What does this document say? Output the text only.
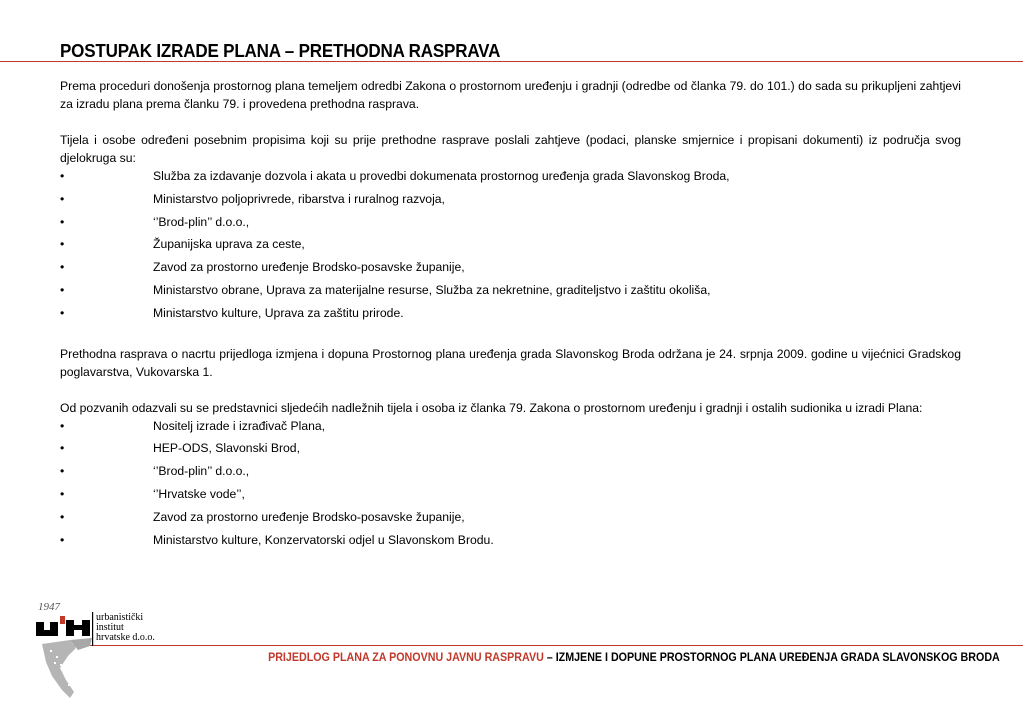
POSTUPAK IZRADE PLANA – PRETHODNA RASPRAVA

Prema proceduri donošenja prostornog plana temeljem odredbi Zakona o prostornom uređenju i gradnji (odredbe od članka 79. do 101.) do sada su prikupljeni zahtjevi za izradu plana prema članku 79. i provedena prethodna rasprava.

Tijela i osobe određeni posebnim propisima koji su prije prethodne rasprave poslali zahtjeve (podaci, planske smjernice i propisani dokumenti) iz područja svog djelokruga su:

•	Služba za izdavanje dozvola i akata u provedbi dokumenata prostornog uređenja grada Slavonskog Broda,
•	Ministarstvo poljoprivrede, ribarstva i ruralnog razvoja,
•	‘’Brod-plin’’ d.o.o.,
•	Županijska uprava za ceste,
•	Zavod za prostorno uređenje Brodsko-posavske županije,
•	Ministarstvo obrane, Uprava za materijalne resurse, Služba za nekretnine, graditeljstvo i zaštitu okoliša,
•	Ministarstvo kulture, Uprava za zaštitu prirode.

Prethodna rasprava o nacrtu prijedloga izmjena i dopuna Prostornog plana uređenja grada Slavonskog Broda održana je 24. srpnja 2009. godine u vijećnici Gradskog poglavarstva, Vukovarska 1.

Od pozvanih odazvali su se predstavnici sljedećih nadležnih tijela i osoba iz članka 79. Zakona o prostornom uređenju i gradnji i ostalih sudionika u izradi Plana:

•	Nositelj izrade i izrađivač Plana,
•	HEP-ODS, Slavonski Brod,
•	‘’Brod-plin’’ d.o.o.,
•	‘’Hrvatske vode’’,
•	Zavod za prostorno uređenje Brodsko-posavske županije,
•	Ministarstvo kulture, Konzervatorski odjel u Slavonskom Brodu.
1947
urbanistički
institut
hrvatske d.o.o.
PRIJEDLOG PLANA ZA PONOVNU JAVNU RASPRAVU – IZMJENE I DOPUNE PROSTORNOG PLANA UREĐENJA GRADA SLAVONSKOG BRODA
